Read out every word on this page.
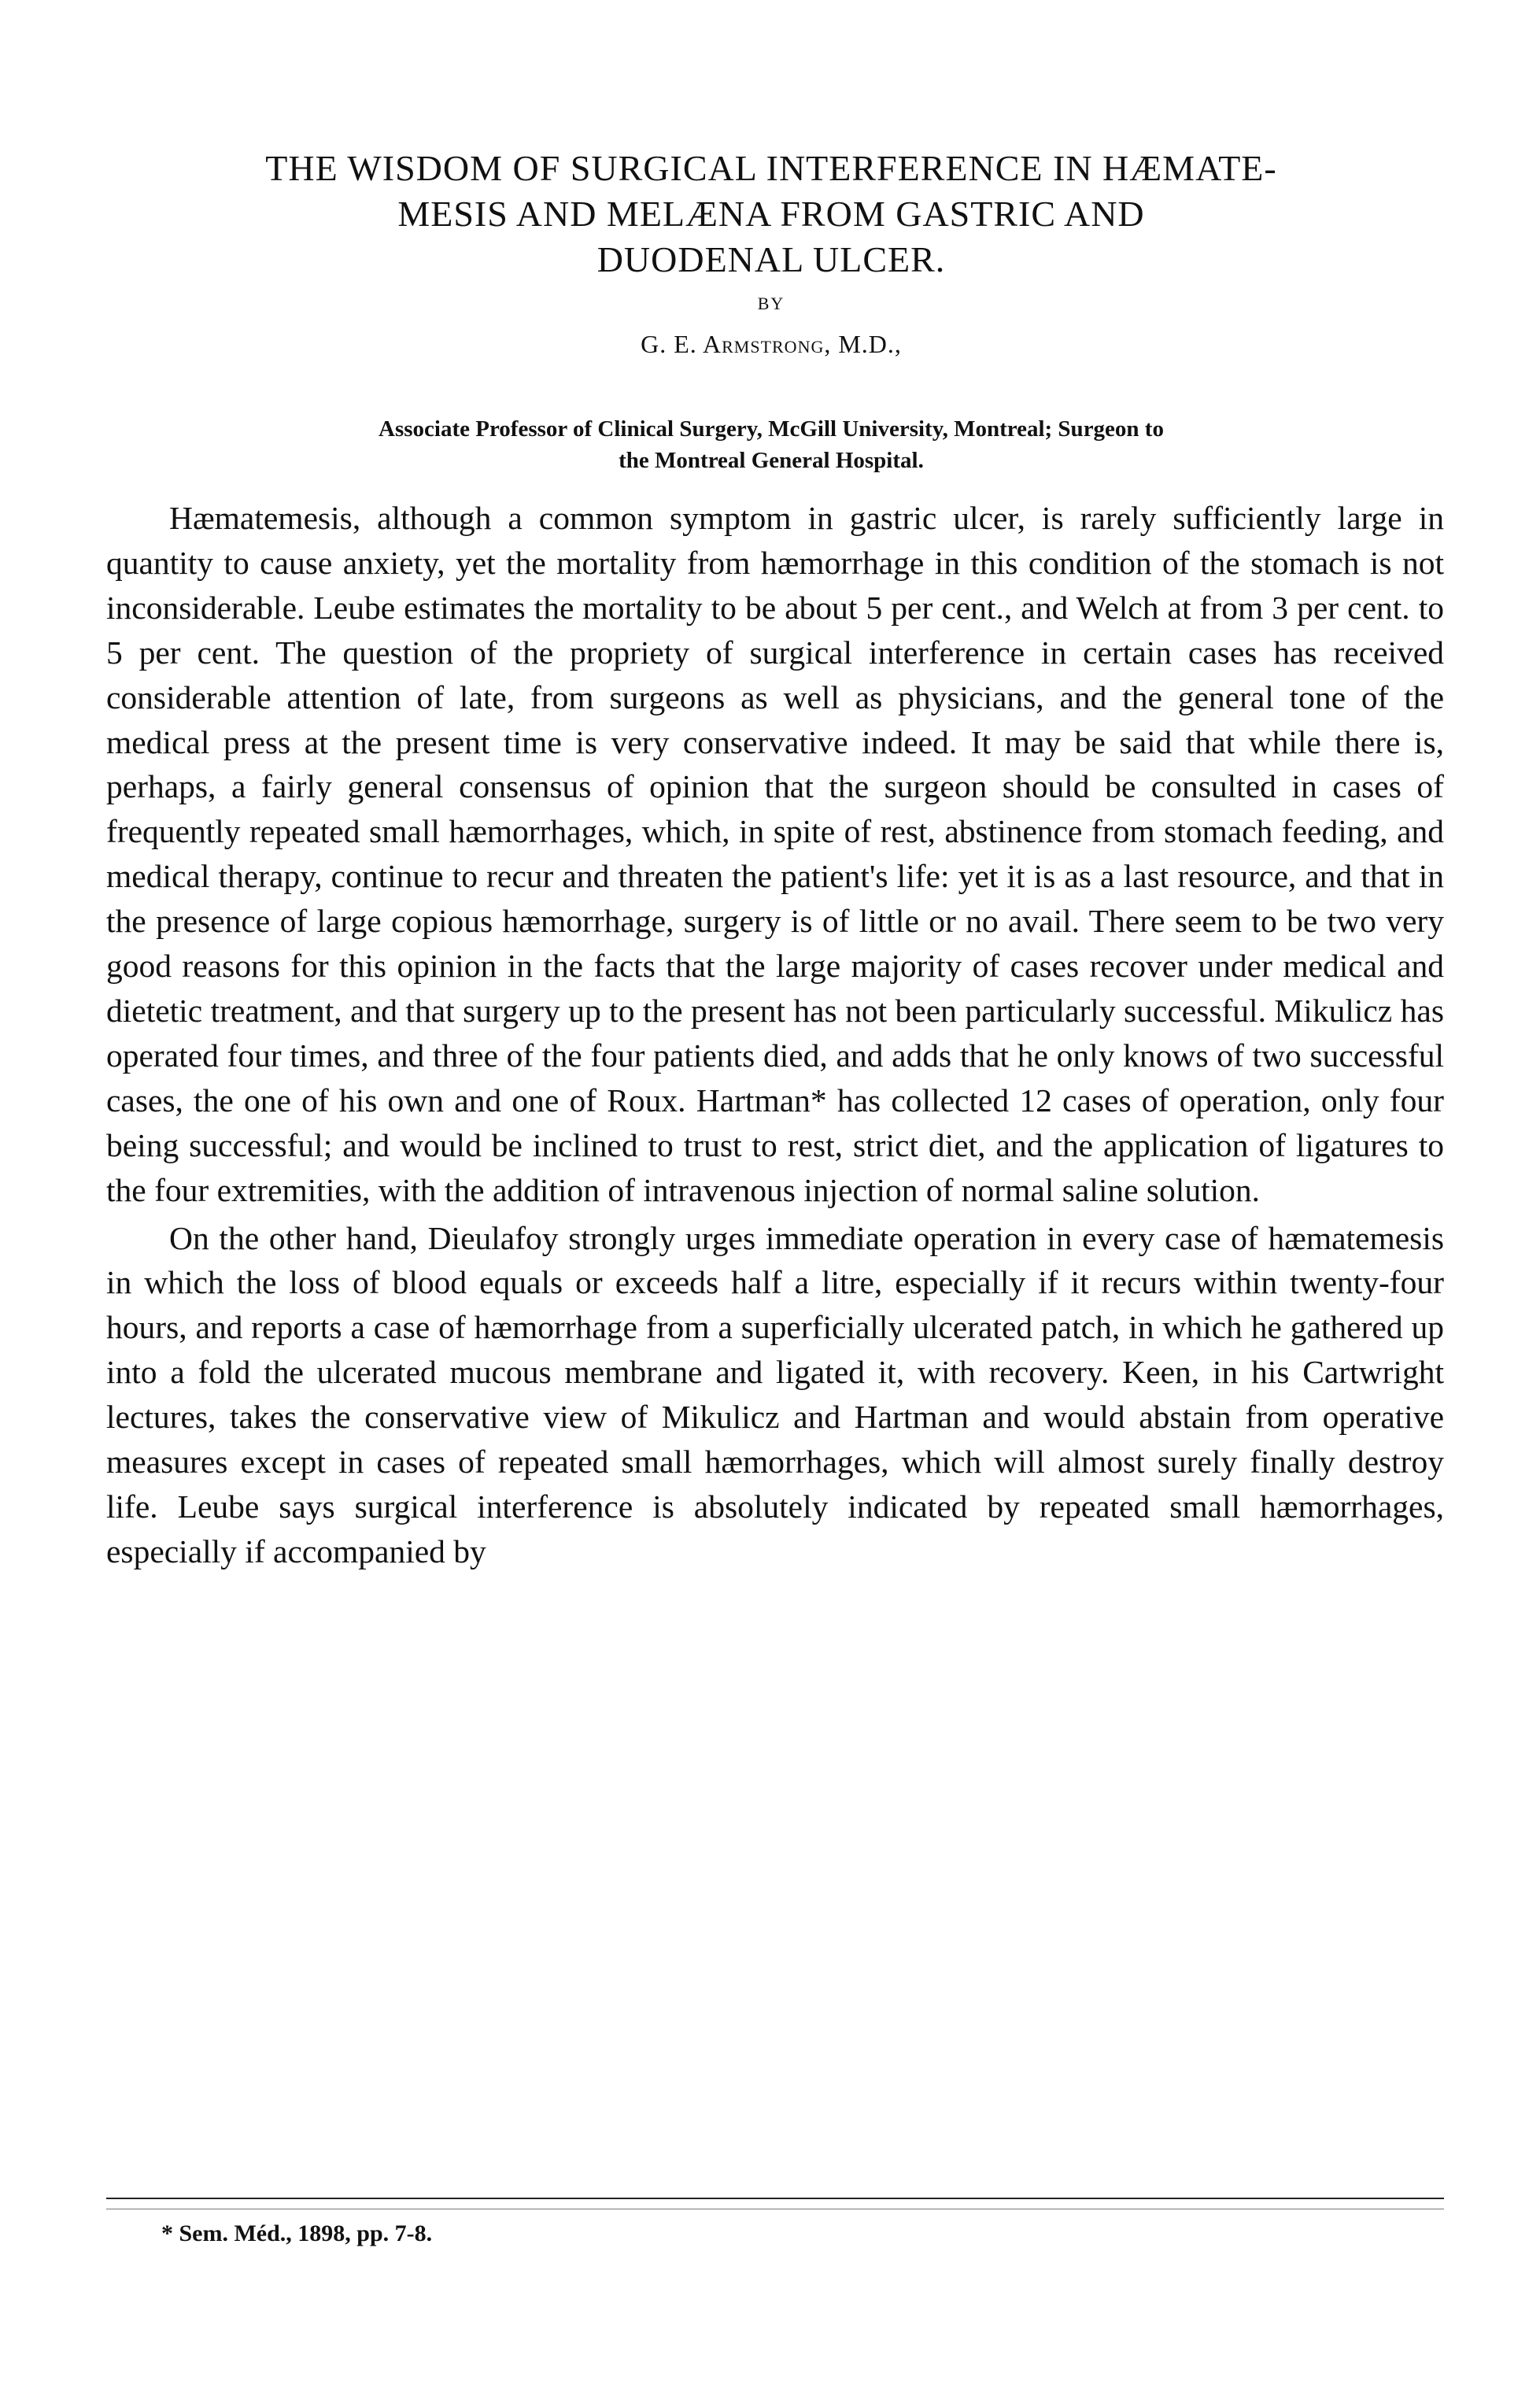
THE WISDOM OF SURGICAL INTERFERENCE IN HÆMATE-

MESIS AND MELÆNA FROM GASTRIC AND

DUODENAL ULCER.

BY
G. E. Armstrong, M.D.,
Associate Professor of Clinical Surgery, McGill University, Montreal; Surgeon to
the Montreal General Hospital.

Hæmatemesis, although a common symptom in gastric ulcer, is rarely sufficiently large in quantity to cause anxiety, yet the mortality from hæmorrhage in this condition of the stomach is not inconsiderable. Leube estimates the mortality to be about 5 per cent., and Welch at from 3 per cent. to 5 per cent. The question of the propriety of surgical interference in certain cases has received considerable attention of late, from surgeons as well as physicians, and the general tone of the medical press at the present time is very conservative indeed. It may be said that while there is, perhaps, a fairly general consensus of opinion that the surgeon should be consulted in cases of frequently repeated small hæmorrhages, which, in spite of rest, abstinence from stomach feeding, and medical therapy, continue to recur and threaten the patient's life: yet it is as a last resource, and that in the presence of large copious hæmorrhage, surgery is of little or no avail. There seem to be two very good reasons for this opinion in the facts that the large majority of cases recover under medical and dietetic treatment, and that surgery up to the present has not been particularly successful. Mikulicz has operated four times, and three of the four patients died, and adds that he only knows of two successful cases, the one of his own and one of Roux. Hartman* has collected 12 cases of operation, only four being successful; and would be inclined to trust to rest, strict diet, and the application of ligatures to the four extremities, with the addition of intravenous injection of normal saline solution.

On the other hand, Dieulafoy strongly urges immediate operation in every case of hæmatemesis in which the loss of blood equals or exceeds half a litre, especially if it recurs within twenty-four hours, and reports a case of hæmorrhage from a superficially ulcerated patch, in which he gathered up into a fold the ulcerated mucous membrane and ligated it, with recovery. Keen, in his Cartwright lectures, takes the conservative view of Mikulicz and Hartman and would abstain from operative measures except in cases of repeated small hæmorrhages, which will almost surely finally destroy life. Leube says surgical interference is absolutely indicated by repeated small hæmorrhages, especially if accompanied by

* Sem. Méd., 1898, pp. 7-8.
